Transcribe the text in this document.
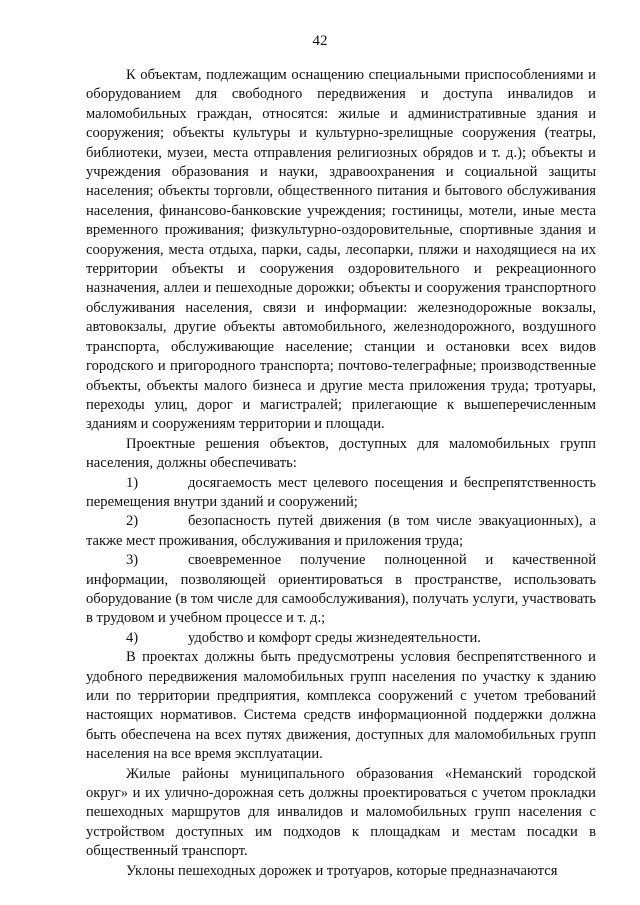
42

К объектам, подлежащим оснащению специальными приспособлениями и оборудованием для свободного передвижения и доступа инвалидов и маломобильных граждан, относятся: жилые и административные здания и сооружения; объекты культуры и культурно-зрелищные сооружения (театры, библиотеки, музеи, места отправления религиозных обрядов и т. д.); объекты и учреждения образования и науки, здравоохранения и социальной защиты населения; объекты торговли, общественного питания и бытового обслуживания населения, финансово-банковские учреждения; гостиницы, мотели, иные места временного проживания; физкультурно-оздоровительные, спортивные здания и сооружения, места отдыха, парки, сады, лесопарки, пляжи и находящиеся на их территории объекты и сооружения оздоровительного и рекреационного назначения, аллеи и пешеходные дорожки; объекты и сооружения транспортного обслуживания населения, связи и информации: железнодорожные вокзалы, автовокзалы, другие объекты автомобильного, железнодорожного, воздушного транспорта, обслуживающие население; станции и остановки всех видов городского и пригородного транспорта; почтово-телеграфные; производственные объекты, объекты малого бизнеса и другие места приложения труда; тротуары, переходы улиц, дорог и магистралей; прилегающие к вышеперечисленным зданиям и сооружениям территории и площади.

Проектные решения объектов, доступных для маломобильных групп населения, должны обеспечивать:

1)	досягаемость мест целевого посещения и беспрепятственность перемещения внутри зданий и сооружений;

2)	безопасность путей движения (в том числе эвакуационных), а также мест проживания, обслуживания и приложения труда;

3)	своевременное получение полноценной и качественной информации, позволяющей ориентироваться в пространстве, использовать оборудование (в том числе для самообслуживания), получать услуги, участвовать в трудовом и учебном процессе и т. д.;

4)	удобство и комфорт среды жизнедеятельности.

В проектах должны быть предусмотрены условия беспрепятственного и удобного передвижения маломобильных групп населения по участку к зданию или по территории предприятия, комплекса сооружений с учетом требований настоящих нормативов. Система средств информационной поддержки должна быть обеспечена на всех путях движения, доступных для маломобильных групп населения на все время эксплуатации.

Жилые районы муниципального образования «Неманский городской округ» и их улично-дорожная сеть должны проектироваться с учетом прокладки пешеходных маршрутов для инвалидов и маломобильных групп населения с устройством доступных им подходов к площадкам и местам посадки в общественный транспорт.

Уклоны пешеходных дорожек и тротуаров, которые предназначаются
